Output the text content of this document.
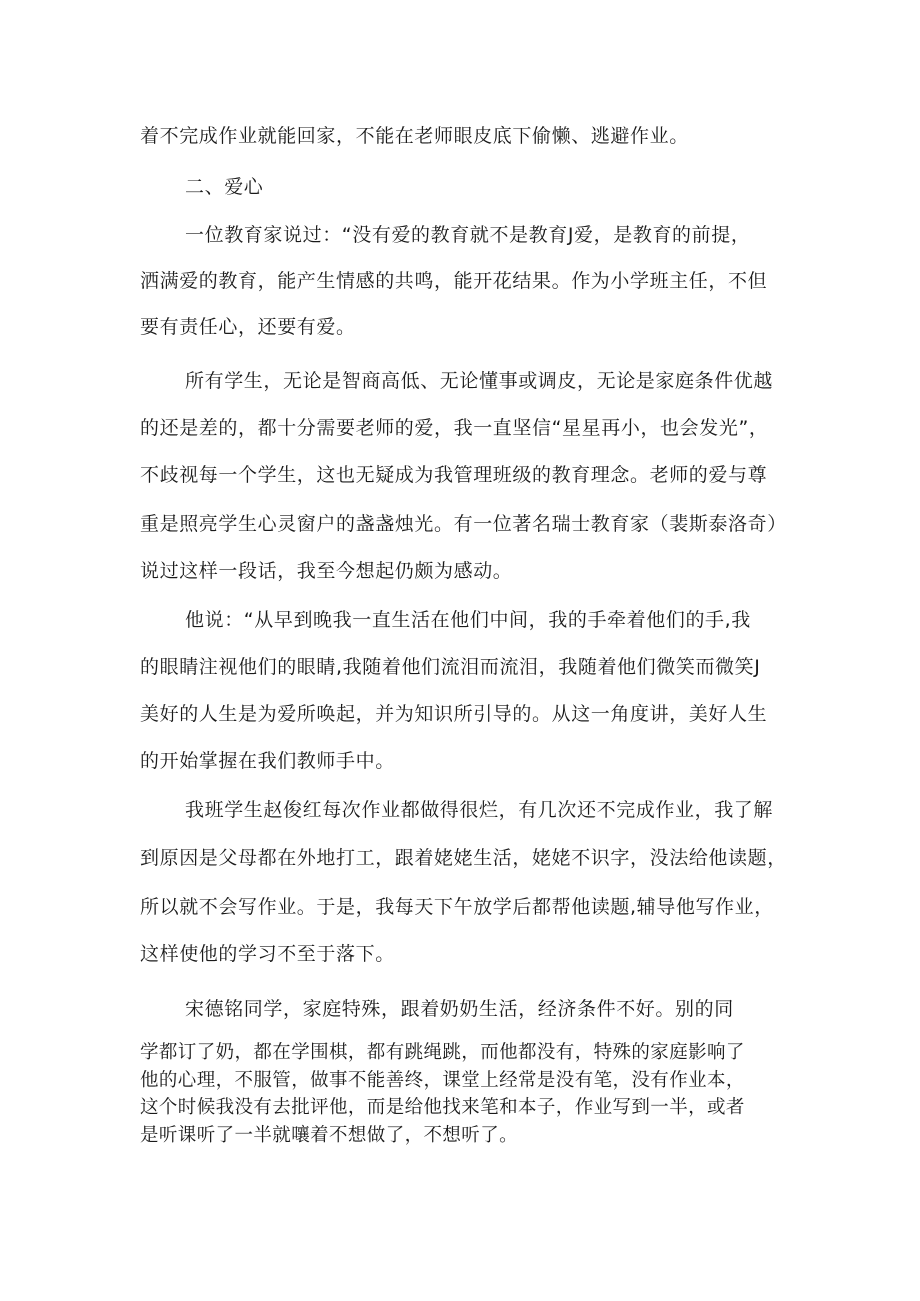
着不完成作业就能回家，不能在老师眼皮底下偷懒、逃避作业。
二、爱心
一位教育家说过：“没有爱的教育就不是教育J爱，是教育的前提，
洒满爱的教育，能产生情感的共鸣，能开花结果。作为小学班主任，不但
要有责任心，还要有爱。
所有学生，无论是智商高低、无论懂事或调皮，无论是家庭条件优越
的还是差的，都十分需要老师的爱，我一直坚信“星星再小，也会发光”，
不歧视每一个学生，这也无疑成为我管理班级的教育理念。老师的爱与尊
重是照亮学生心灵窗户的盏盏烛光。有一位著名瑞士教育家（裴斯泰洛奇）
说过这样一段话，我至今想起仍颇为感动。
他说：“从早到晚我一直生活在他们中间，我的手牵着他们的手,我
的眼睛注视他们的眼睛,我随着他们流泪而流泪，我随着他们微笑而微笑J
美好的人生是为爱所唤起，并为知识所引导的。从这一角度讲，美好人生
的开始掌握在我们教师手中。
我班学生赵俊红每次作业都做得很烂，有几次还不完成作业，我了解
到原因是父母都在外地打工，跟着姥姥生活，姥姥不识字，没法给他读题，
所以就不会写作业。于是，我每天下午放学后都帮他读题,辅导他写作业，
这样使他的学习不至于落下。
宋德铭同学，家庭特殊，跟着奶奶生活，经济条件不好。别的同
学都订了奶，都在学围棋，都有跳绳跳，而他都没有，特殊的家庭影响了
他的心理，不服管，做事不能善终，课堂上经常是没有笔，没有作业本，
这个时候我没有去批评他，而是给他找来笔和本子，作业写到一半，或者
是听课听了一半就嚷着不想做了，不想听了。
